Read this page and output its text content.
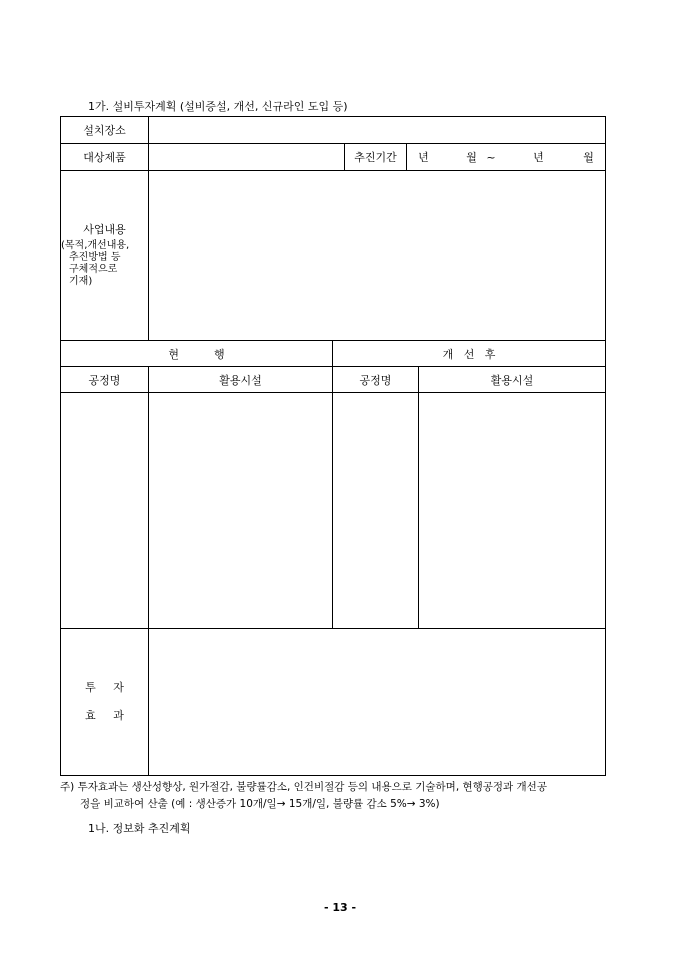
1가. 설비투자계획 (설비증설, 개선, 신규라인 도입 등)
설치장소			
대상제품		추진기간	년 월 ~ 년 월

사업내용
(목적,개선내용,
추진방법 등
구체적으로
기재)			

현          행		개   선   후	
공정명	활용시설	공정명	활용시설

투     자
효     과

주) 투자효과는 생산성향상, 원가절감, 불량률감소, 인건비절감 등의 내용으로 기술하며, 현행공정과 개선공
정을 비교하여 산출 (예 : 생산증가 10개/일→ 15개/일, 불량률 감소 5%→ 3%)
1나. 정보화 추진계획
- 13 -
